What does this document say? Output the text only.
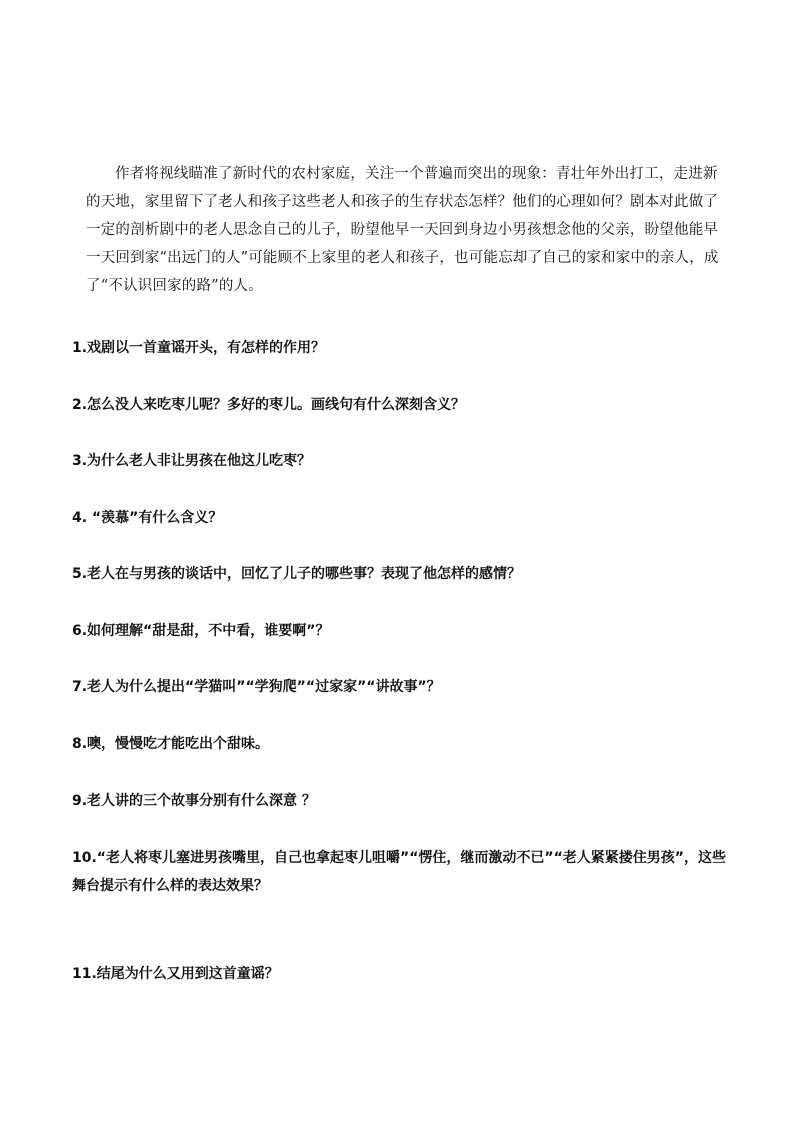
作者将视线瞄准了新时代的农村家庭，关注一个普遍而突出的现象：青壮年外出打工，走进新的天地，家里留下了老人和孩子这些老人和孩子的生存状态怎样？他们的心理如何？剧本对此做了一定的剖析剧中的老人思念自己的儿子，盼望他早一天回到身边小男孩想念他的父亲，盼望他能早一天回到家“出远门的人”可能顾不上家里的老人和孩子，也可能忘却了自己的家和家中的亲人，成了“不认识回家的路”的人。

1.戏剧以一首童谣开头，有怎样的作用？
2.怎么没人来吃枣儿呢？多好的枣儿。画线句有什么深刻含义？
3.为什么老人非让男孩在他这儿吃枣？
4. “羡慕”有什么含义？
5.老人在与男孩的谈话中，回忆了儿子的哪些事？表现了他怎样的感情？
6.如何理解“甜是甜，不中看，谁要啊”？
7.老人为什么提出“学猫叫”“学狗爬”“过家家”“讲故事”？
8.噢，慢慢吃才能吃出个甜味。
9.老人讲的三个故事分别有什么深意 ？
10.“老人将枣儿塞进男孩嘴里，自己也拿起枣儿咀嚼”“愣住，继而激动不已”“老人紧紧搂住男孩”，这些舞台提示有什么样的表达效果？
11.结尾为什么又用到这首童谣？
